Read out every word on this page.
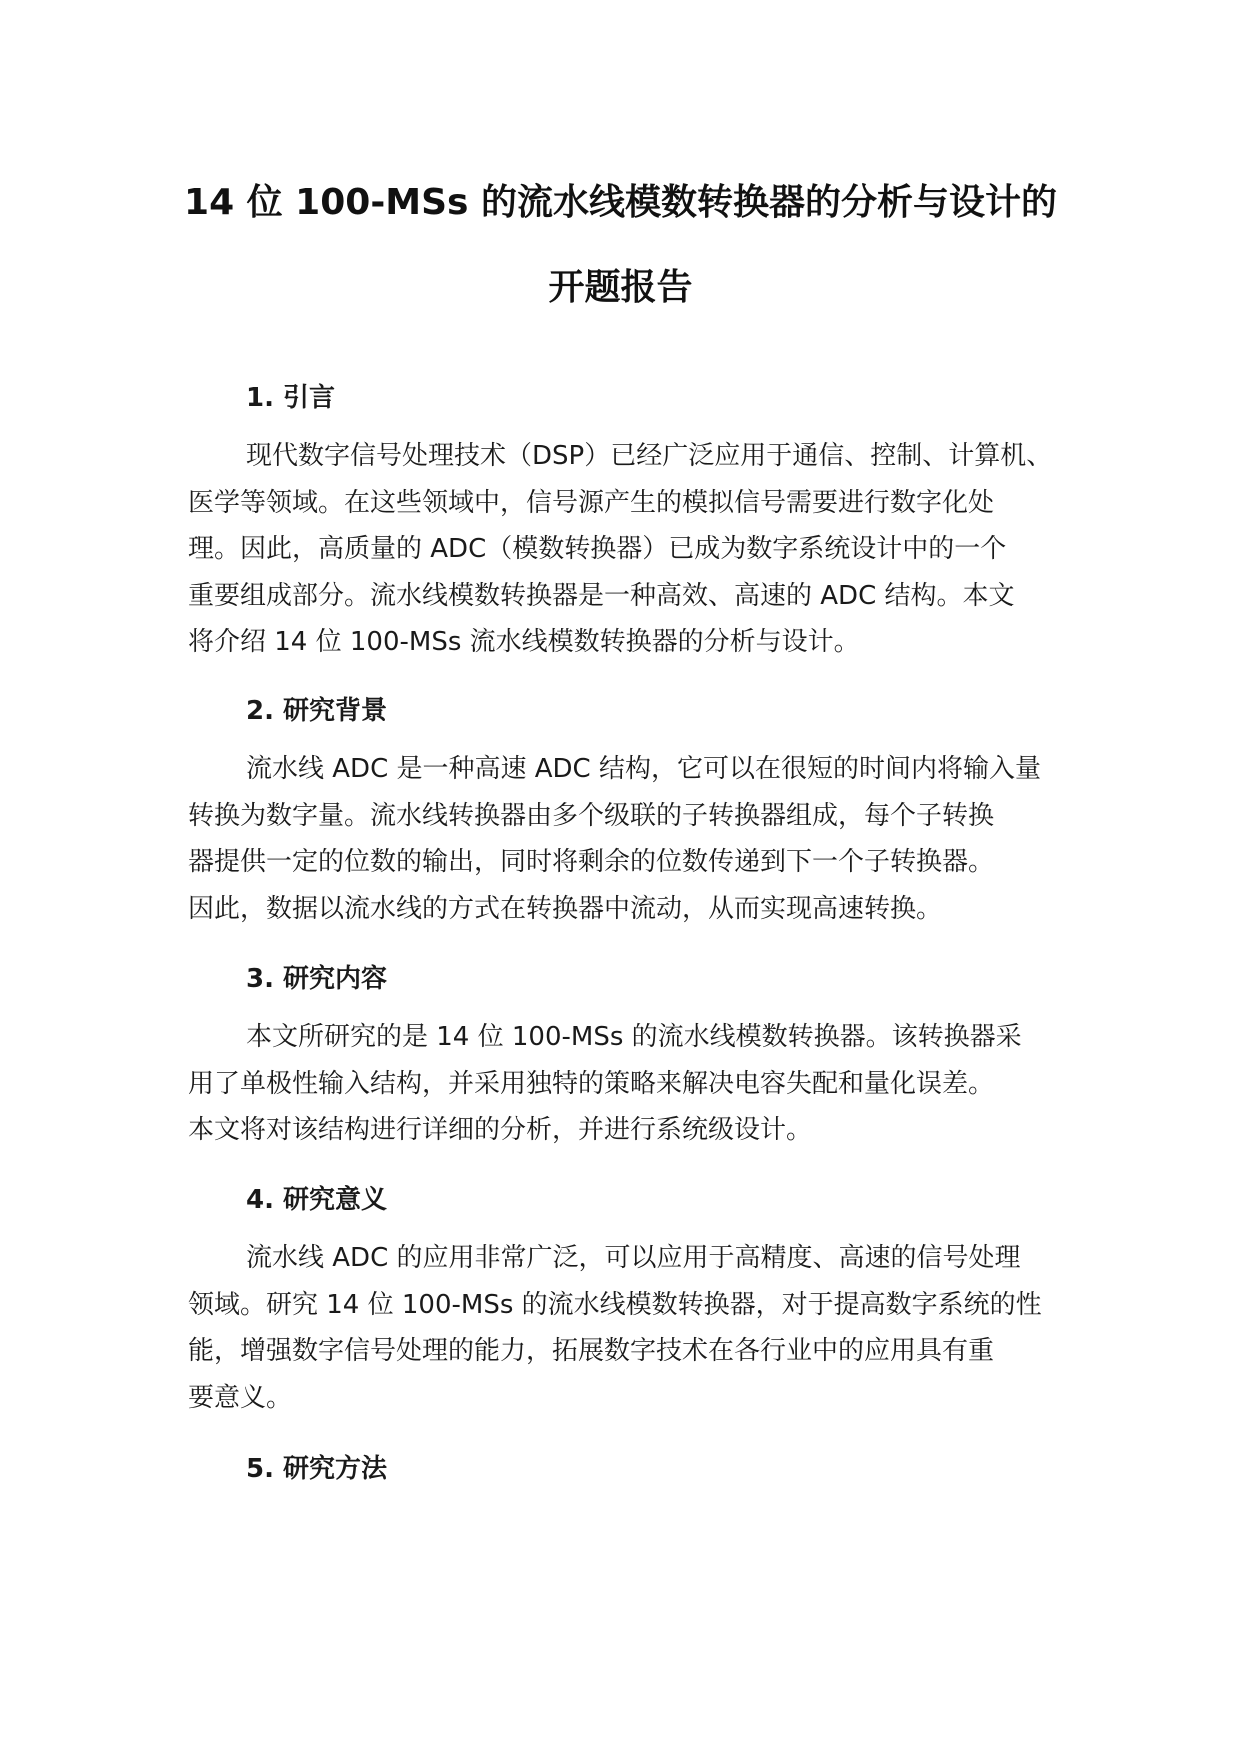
14 位 100-MSs 的流水线模数转换器的分析与设计的
开题报告
1. 引言
现代数字信号处理技术（DSP）已经广泛应用于通信、控制、计算机、
医学等领域。在这些领域中，信号源产生的模拟信号需要进行数字化处
理。因此，高质量的 ADC（模数转换器）已成为数字系统设计中的一个
重要组成部分。流水线模数转换器是一种高效、高速的 ADC 结构。本文
将介绍 14 位 100-MSs 流水线模数转换器的分析与设计。
2. 研究背景
流水线 ADC 是一种高速 ADC 结构，它可以在很短的时间内将输入量
转换为数字量。流水线转换器由多个级联的子转换器组成，每个子转换
器提供一定的位数的输出，同时将剩余的位数传递到下一个子转换器。
因此，数据以流水线的方式在转换器中流动，从而实现高速转换。
3. 研究内容
本文所研究的是 14 位 100-MSs 的流水线模数转换器。该转换器采
用了单极性输入结构，并采用独特的策略来解决电容失配和量化误差。
本文将对该结构进行详细的分析，并进行系统级设计。
4. 研究意义
流水线 ADC 的应用非常广泛，可以应用于高精度、高速的信号处理
领域。研究 14 位 100-MSs 的流水线模数转换器，对于提高数字系统的性
能，增强数字信号处理的能力，拓展数字技术在各行业中的应用具有重
要意义。
5. 研究方法
